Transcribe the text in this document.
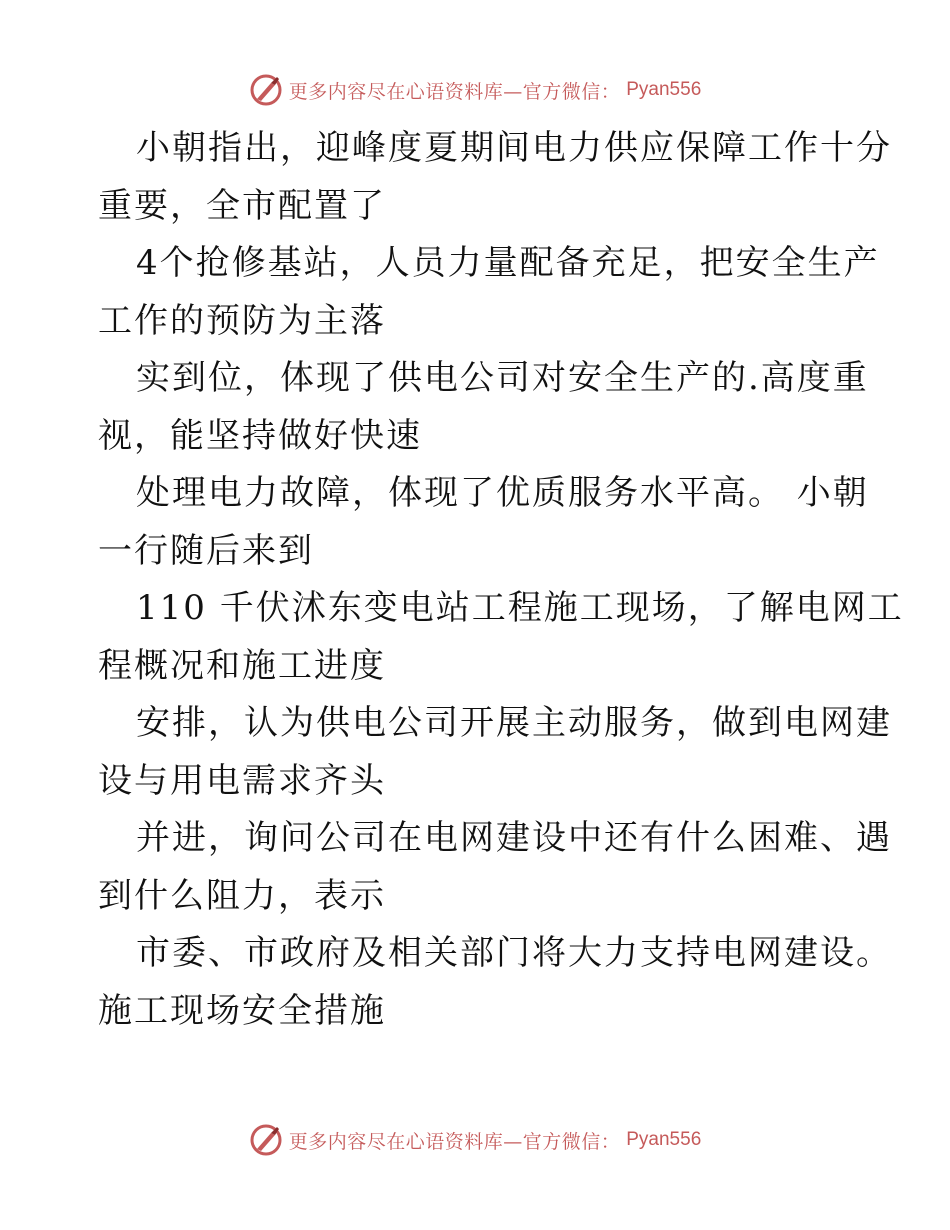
更多内容尽在心语资料库—官方微信： Pyan556
小朝指出，迎峰度夏期间电力供应保障工作十分
重要，全市配置了
4个抢修基站，人员力量配备充足，把安全生产
工作的预防为主落
实到位，体现了供电公司对安全生产的.高度重
视，能坚持做好快速
处理电力故障，体现了优质服务水平高。 小朝
一行随后来到
110 千伏沭东变电站工程施工现场，了解电网工
程概况和施工进度
安排，认为供电公司开展主动服务，做到电网建
设与用电需求齐头
并进，询问公司在电网建设中还有什么困难、遇
到什么阻力，表示
市委、市政府及相关部门将大力支持电网建设。
施工现场安全措施
更多内容尽在心语资料库—官方微信： Pyan556
